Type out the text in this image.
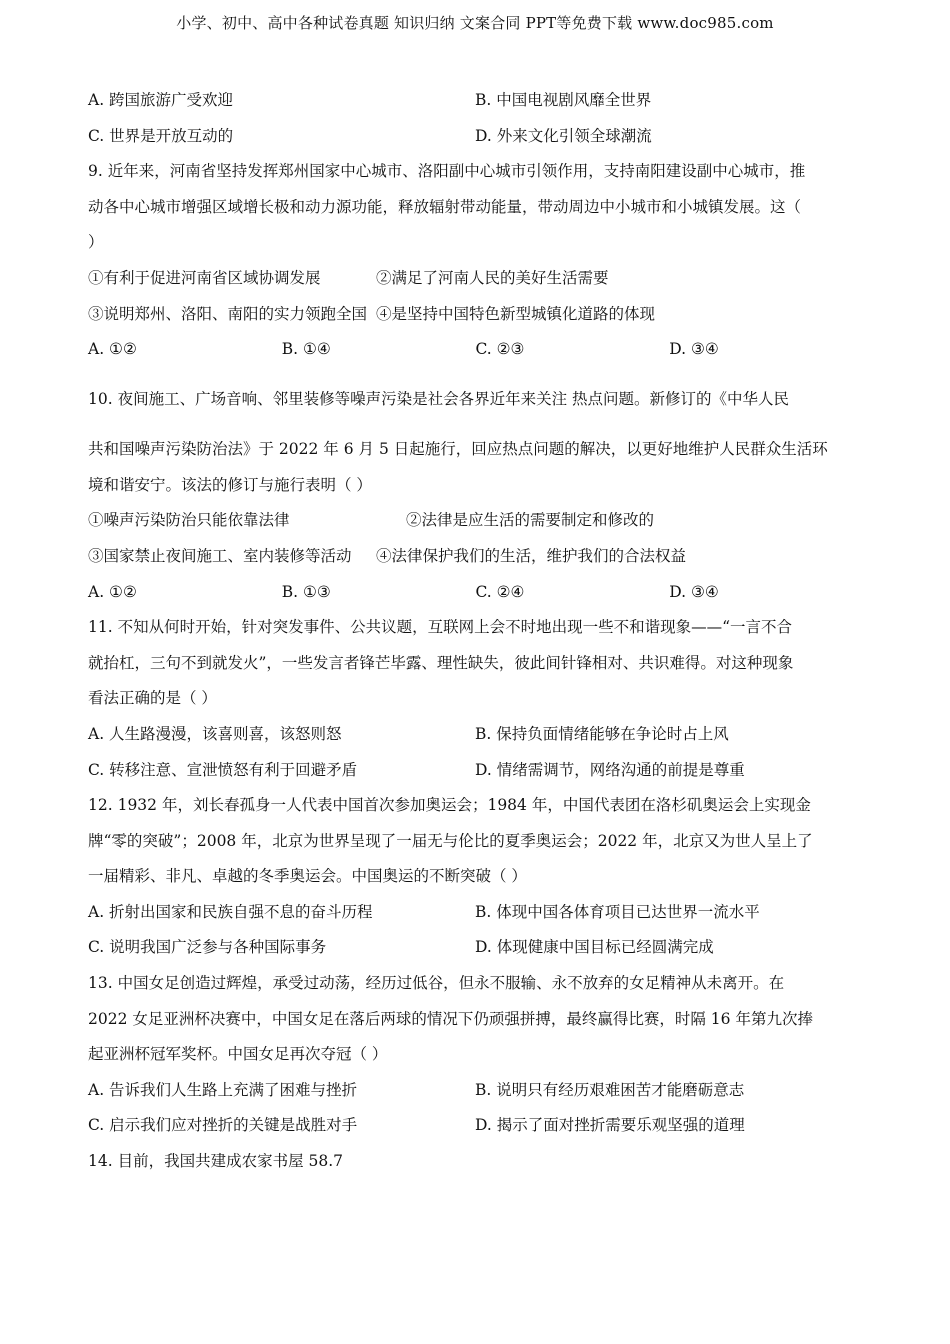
小学、初中、高中各种试卷真题 知识归纳 文案合同 PPT等免费下载 www.doc985.com
A. 跨国旅游广受欢迎	B. 中国电视剧风靡全世界
C. 世界是开放互动的	D. 外来文化引领全球潮流
9. 近年来，河南省坚持发挥郑州国家中心城市、洛阳副中心城市引领作用，支持南阳建设副中心城市，推
动各中心城市增强区域增长极和动力源功能，释放辐射带动能量，带动周边中小城市和小城镇发展。这（
）
①有利于促进河南省区域协调发展	②满足了河南人民的美好生活需要
③说明郑州、洛阳、南阳的实力领跑全国 ④是坚持中国特色新型城镇化道路的体现
A. ①②	B. ①④	C. ②③	D. ③④
10. 夜间施工、广场音响、邻里装修等噪声污染是社会各界近年来关注 热点问题。新修订的《中华人民
共和国噪声污染防治法》于 2022 年 6 月 5 日起施行，回应热点问题的解决，以更好地维护人民群众生活环
境和谐安宁。该法的修订与施行表明（ ）
①噪声污染防治只能依靠法律	②法律是应生活的需要制定和修改的
③国家禁止夜间施工、室内装修等活动 ④法律保护我们的生活，维护我们的合法权益
A. ①②	B. ①③	C. ②④	D. ③④
11. 不知从何时开始，针对突发事件、公共议题，互联网上会不时地出现一些不和谐现象——“一言不合
就抬杠，三句不到就发火”，一些发言者锋芒毕露、理性缺失，彼此间针锋相对、共识难得。对这种现象
看法正确的是（ ）
A. 人生路漫漫，该喜则喜，该怒则怒	B. 保持负面情绪能够在争论时占上风
C. 转移注意、宣泄愤怒有利于回避矛盾	D. 情绪需调节，网络沟通的前提是尊重
12. 1932 年，刘长春孤身一人代表中国首次参加奥运会；1984 年，中国代表团在洛杉矶奥运会上实现金
牌“零的突破”；2008 年，北京为世界呈现了一届无与伦比的夏季奥运会；2022 年，北京又为世人呈上了
一届精彩、非凡、卓越的冬季奥运会。中国奥运的不断突破（ ）
A. 折射出国家和民族自强不息的奋斗历程	B. 体现中国各体育项目已达世界一流水平
C. 说明我国广泛参与各种国际事务	D. 体现健康中国目标已经圆满完成
13. 中国女足创造过辉煌，承受过动荡，经历过低谷，但永不服输、永不放弃的女足精神从未离开。在
2022 女足亚洲杯决赛中，中国女足在落后两球的情况下仍顽强拼搏，最终赢得比赛，时隔 16 年第九次捧
起亚洲杯冠军奖杯。中国女足再次夺冠（ ）
A. 告诉我们人生路上充满了困难与挫折	B. 说明只有经历艰难困苦才能磨砺意志
C. 启示我们应对挫折的关键是战胜对手	D. 揭示了面对挫折需要乐观坚强的道理
14. 目前，我国共建成农家书屋 58.7
